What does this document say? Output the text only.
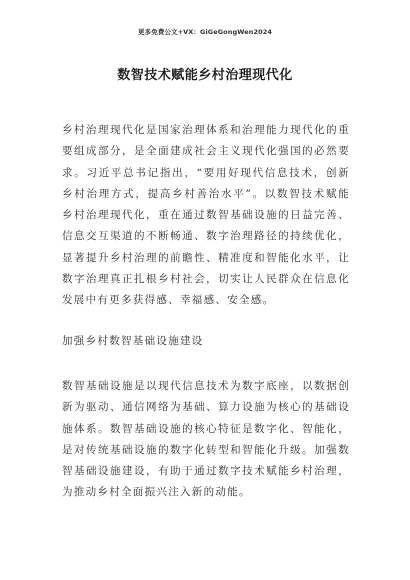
更多免费公文+VX：GiGeGongWen2024
数智技术赋能乡村治理现代化

乡村治理现代化是国家治理体系和治理能力现代化的重要组成部分，是全面建成社会主义现代化强国的必然要求。习近平总书记指出，“要用好现代信息技术，创新乡村治理方式，提高乡村善治水平”。以数智技术赋能乡村治理现代化，重在通过数智基础设施的日益完善、信息交互渠道的不断畅通、数字治理路径的持续优化，显著提升乡村治理的前瞻性、精准度和智能化水平，让数字治理真正扎根乡村社会，切实让人民群众在信息化发展中有更多获得感、幸福感、安全感。

加强乡村数智基础设施建设

数智基础设施是以现代信息技术为数字底座，以数据创新为驱动、通信网络为基础、算力设施为核心的基础设施体系。数智基础设施的核心特征是数字化、智能化，是对传统基础设施的数字化转型和智能化升级。加强数智基础设施建设，有助于通过数字技术赋能乡村治理，为推动乡村全面振兴注入新的动能。
